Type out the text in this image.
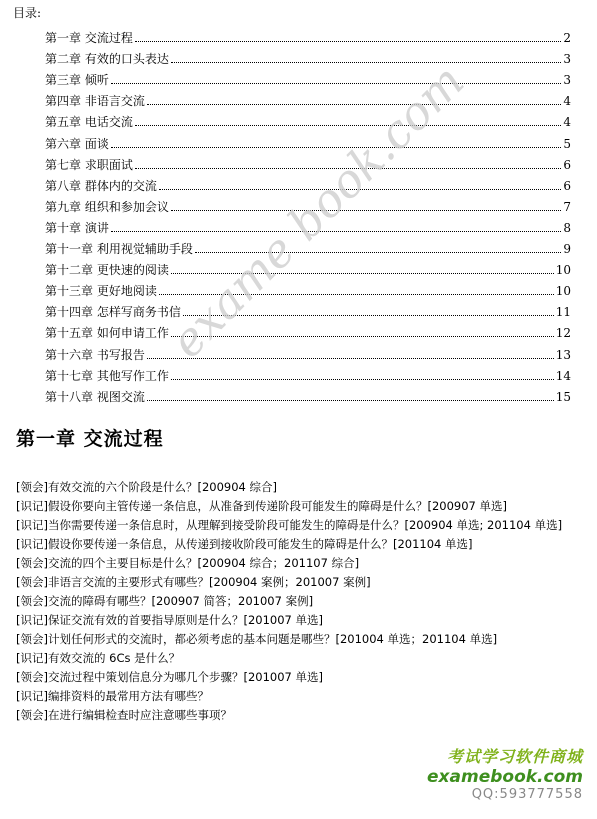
目录:
第一章 交流过程	2
第二章 有效的口头表达	3
第三章 倾听	3
第四章 非语言交流	4
第五章 电话交流	4
第六章 面谈	5
第七章 求职面试	6
第八章 群体内的交流	6
第九章 组织和参加会议	7
第十章 演讲	8
第十一章 利用视觉辅助手段	9
第十二章 更快速的阅读	10
第十三章 更好地阅读	10
第十四章 怎样写商务书信	11
第十五章 如何申请工作	12
第十六章 书写报告	13
第十七章 其他写作工作	14
第十八章 视图交流	15
第一章 交流过程

[领会]有效交流的六个阶段是什么？[200904 综合]

[识记]假设你要向主管传递一条信息，从准备到传递阶段可能发生的障碍是什么？[200907 单选]

[识记]当你需要传递一条信息时，从理解到接受阶段可能发生的障碍是什么？[200904 单选; 201104 单选]

[识记]假设你要传递一条信息，从传递到接收阶段可能发生的障碍是什么？[201104 单选]

[领会]交流的四个主要目标是什么？[200904 综合；201107 综合]

[领会]非语言交流的主要形式有哪些？[200904 案例；201007 案例]

[领会]交流的障碍有哪些？[200907 简答；201007 案例]

[识记]保证交流有效的首要指导原则是什么？[201007 单选]

[领会]计划任何形式的交流时，都必须考虑的基本问题是哪些？[201004 单选；201104 单选]

[识记]有效交流的 6Cs 是什么？

[领会]交流过程中策划信息分为哪几个步骤？[201007 单选]

[识记]编排资料的最常用方法有哪些？

[领会]在进行编辑检查时应注意哪些事项？

exame book.com
考试学习软件商城
examebook.com
QQ:593777558
